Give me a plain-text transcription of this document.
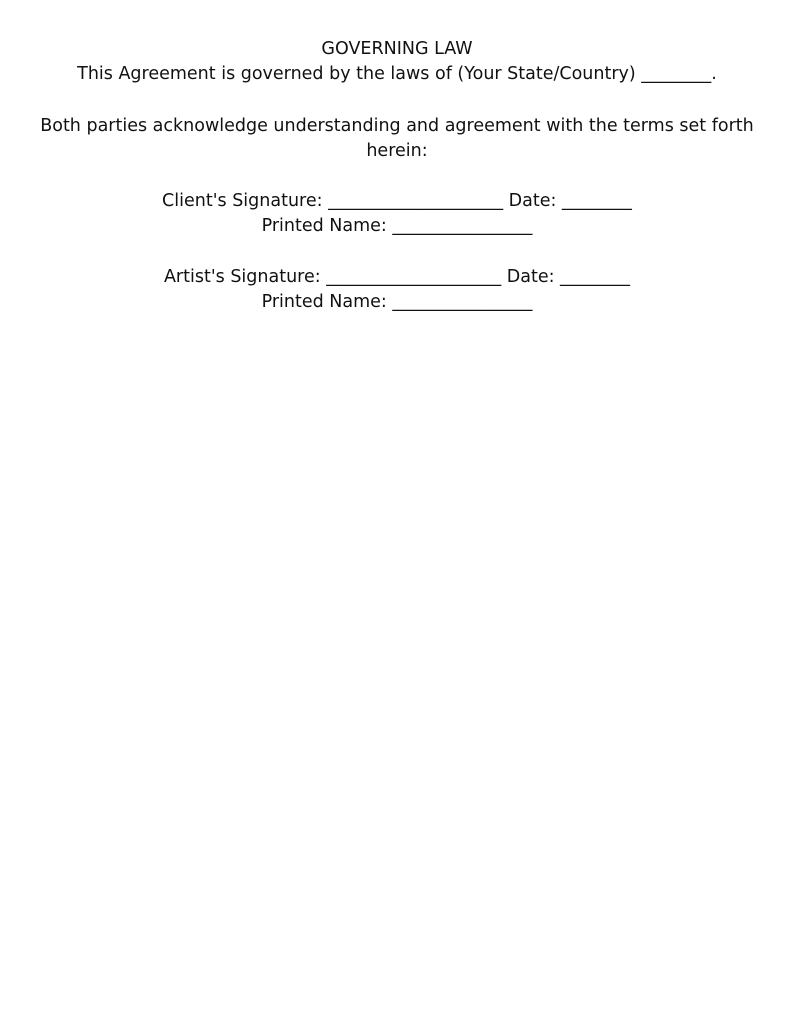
GOVERNING LAW
This Agreement is governed by the laws of (Your State/Country) ________.
Both parties acknowledge understanding and agreement with the terms set forth
herein:
Client's Signature: ____________________ Date: ________
Printed Name: ________________
Artist's Signature: ____________________ Date: ________
Printed Name: ________________
